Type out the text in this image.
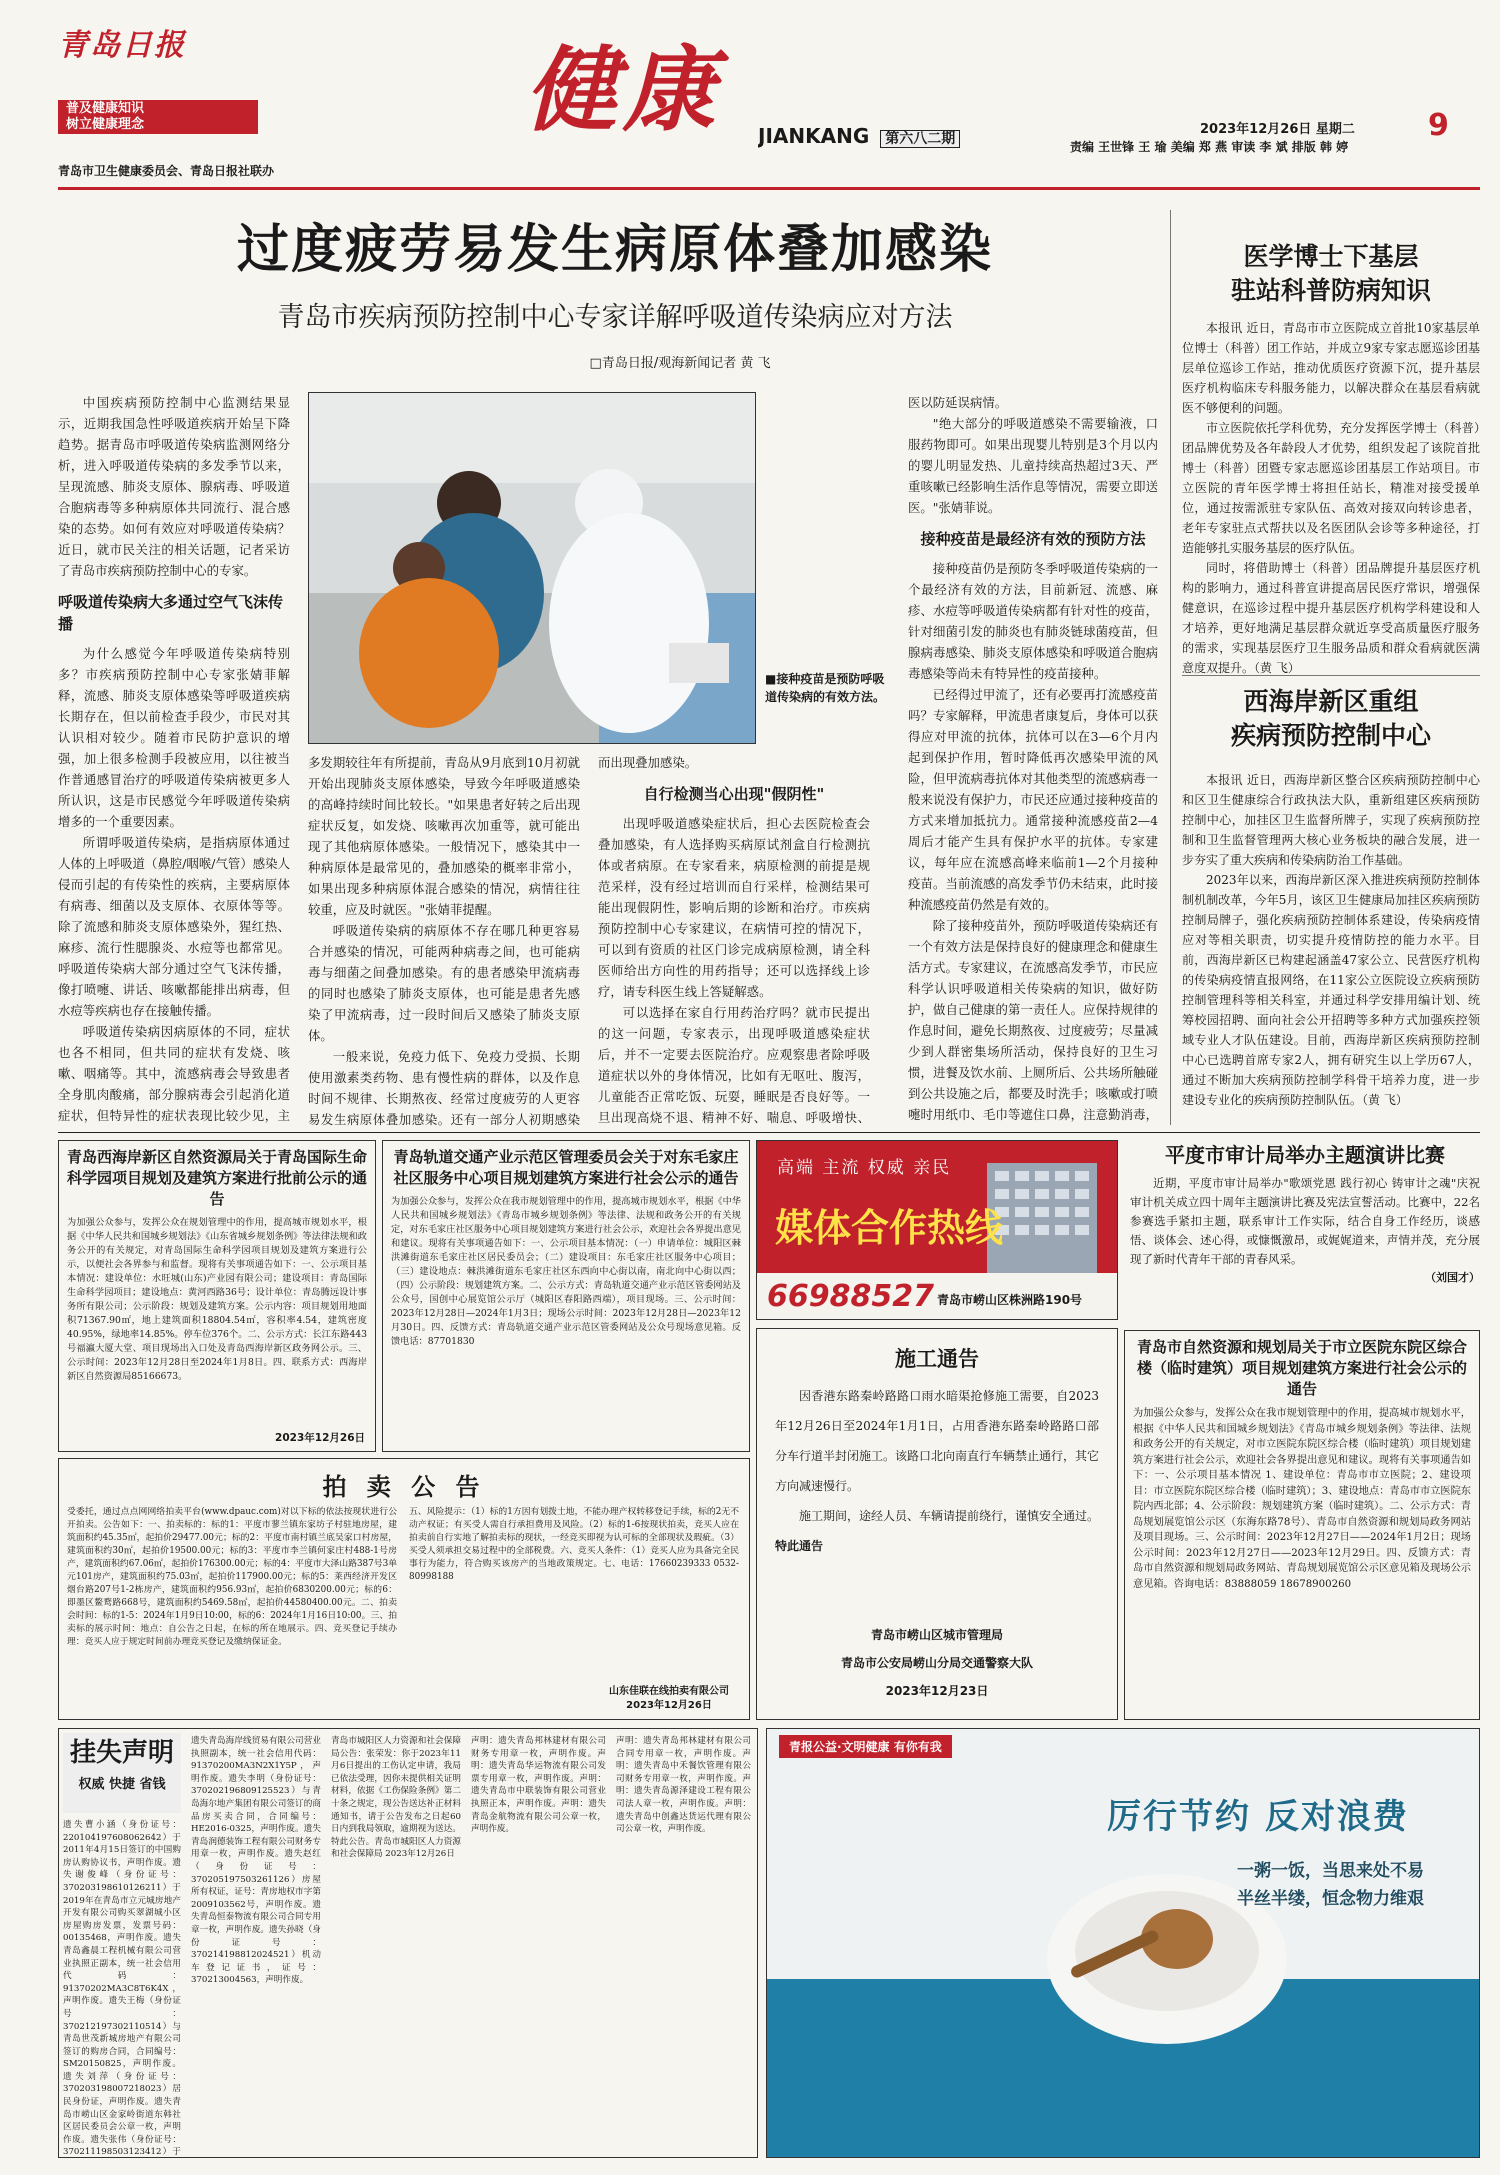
青岛日报
普及健康知识
树立健康理念
青岛市卫生健康委员会、青岛日报社联办
健康	JIANKANG 第六八二期
2023年12月26日 星期二	9
责编 王世锋 王 瑜 美编 郑 燕 审读 李 斌 排版 韩 婷
过度疲劳易发生病原体叠加感染
青岛市疾病预防控制中心专家详解呼吸道传染病应对方法
□青岛日报/观海新闻记者 黄 飞

中国疾病预防控制中心监测结果显示，近期我国急性呼吸道疾病开始呈下降趋势。据青岛市呼吸道传染病监测网络分析，进入呼吸道传染病的多发季节以来，呈现流感、肺炎支原体、腺病毒、呼吸道合胞病毒等多种病原体共同流行、混合感染的态势。如何有效应对呼吸道传染病？近日，就市民关注的相关话题，记者采访了青岛市疾病预防控制中心的专家。

呼吸道传染病大多通过空气飞沫传播

为什么感觉今年呼吸道传染病特别多？市疾病预防控制中心专家张婧菲解释，流感、肺炎支原体感染等呼吸道疾病长期存在，但以前检查手段少，市民对其认识相对较少。随着市民防护意识的增强，加上很多检测手段被应用，以往被当作普通感冒治疗的呼吸道传染病被更多人所认识，这是市民感觉今年呼吸道传染病增多的一个重要因素。

所谓呼吸道传染病，是指病原体通过人体的上呼吸道（鼻腔/咽喉/气管）感染人侵而引起的有传染性的疾病，主要病原体有病毒、细菌以及支原体、衣原体等等。除了流感和肺炎支原体感染外，猩红热、麻疹、流行性腮腺炎、水痘等也都常见。呼吸道传染病大部分通过空气飞沫传播，像打喷嚏、讲话、咳嗽都能排出病毒，但水痘等疾病也存在接触传播。

呼吸道传染病因病原体的不同，症状也各不相同，但共同的症状有发烧、咳嗽、咽痛等。其中，流感病毒会导致患者全身肌肉酸痛，部分腺病毒会引起消化道症状，但特异性的症状表现比较少见，主

■接种疫苗是预防呼吸道传染病的有效方法。

多发期较往年有所提前，青岛从9月底到10月初就开始出现肺炎支原体感染，导致今年呼吸道感染的高峰持续时间比较长。"如果患者好转之后出现症状反复，如发烧、咳嗽再次加重等，就可能出现了其他病原体感染。一般情况下，感染其中一种病原体是最常见的，叠加感染的概率非常小，如果出现多种病原体混合感染的情况，病情往往较重，应及时就医。"张婧菲提醒。

呼吸道传染病的病原体不存在哪几种更容易合并感染的情况，可能两种病毒之间，也可能病毒与细菌之间叠加感染。有的患者感染甲流病毒的同时也感染了肺炎支原体，也可能是患者先感染了甲流病毒，过一段时间后又感染了肺炎支原体。

一般来说，免疫力低下、免疫力受损、长期使用激素类药物、患有慢性病的群体，以及作息时间不规律、长期熬夜、经常过度疲劳的人更容易发生病原体叠加感染。还有一部分人初期感染

而出现叠加感染。

自行检测当心出现"假阴性"

出现呼吸道感染症状后，担心去医院检查会叠加感染，有人选择购买病原试剂盒自行检测抗体或者病原。在专家看来，病原检测的前提是规范采样，没有经过培训而自行采样，检测结果可能出现假阴性，影响后期的诊断和治疗。市疾病预防控制中心专家建议，在病情可控的情况下，可以到有资质的社区门诊完成病原检测，请全科医师给出方向性的用药指导；还可以选择线上诊疗，请专科医生线上答疑解惑。

可以选择在家自行用药治疗吗？就市民提出的这一问题，专家表示，出现呼吸道感染症状后，并不一定要去医院治疗。应观察患者除呼吸道症状以外的身体情况，比如有无呕吐、腹泻，儿童能否正常吃饭、玩耍，睡眠是否良好等。一旦出现高烧不退、精神不好、喘息、呼吸增快、

医以防延误病情。

"绝大部分的呼吸道感染不需要输液，口服药物即可。如果出现婴儿特别是3个月以内的婴儿明显发热、儿童持续高热超过3天、严重咳嗽已经影响生活作息等情况，需要立即送医。"张婧菲说。

接种疫苗是最经济有效的预防方法

接种疫苗仍是预防冬季呼吸道传染病的一个最经济有效的方法，目前新冠、流感、麻疹、水痘等呼吸道传染病都有针对性的疫苗，针对细菌引发的肺炎也有肺炎链球菌疫苗，但腺病毒感染、肺炎支原体感染和呼吸道合胞病毒感染等尚未有特异性的疫苗接种。

已经得过甲流了，还有必要再打流感疫苗吗？专家解释，甲流患者康复后，身体可以获得应对甲流的抗体，抗体可以在3—6个月内起到保护作用，暂时降低再次感染甲流的风险，但甲流病毒抗体对其他类型的流感病毒一般来说没有保护力，市民还应通过接种疫苗的方式来增加抵抗力。通常接种流感疫苗2—4周后才能产生具有保护水平的抗体。专家建议，每年应在流感高峰来临前1—2个月接种疫苗。当前流感的高发季节仍未结束，此时接种流感疫苗仍然是有效的。

除了接种疫苗外，预防呼吸道传染病还有一个有效方法是保持良好的健康理念和健康生活方式。专家建议，在流感高发季节，市民应科学认识呼吸道相关传染病的知识，做好防护，做自己健康的第一责任人。应保持规律的作息时间，避免长期熬夜、过度疲劳；尽量减少到人群密集场所活动，保持良好的卫生习惯，进餐及饮水前、上厕所后、公共场所触碰到公共设施之后，都要及时洗手；咳嗽或打喷嚏时用纸巾、毛巾等遮住口鼻，注意勤消毒，

医学博士下基层
驻站科普防病知识

本报讯 近日，青岛市市立医院成立首批10家基层单位博士（科普）团工作站，并成立9家专家志愿巡诊团基层单位巡诊工作站，推动优质医疗资源下沉，提升基层医疗机构临床专科服务能力，以解决群众在基层看病就医不够便利的问题。

市立医院依托学科优势，充分发挥医学博士（科普）团品牌优势及各年龄段人才优势，组织发起了该院首批博士（科普）团暨专家志愿巡诊团基层工作站项目。市立医院的青年医学博士将担任站长，精准对接受援单位，通过按需派驻专家队伍、高效对接双向转诊患者，老年专家驻点式帮扶以及名医团队会诊等多种途径，打造能够扎实服务基层的医疗队伍。

同时，将借助博士（科普）团品牌提升基层医疗机构的影响力，通过科普宣讲提高居民医疗常识，增强保健意识，在巡诊过程中提升基层医疗机构学科建设和人才培养，更好地满足基层群众就近享受高质量医疗服务的需求，实现基层医疗卫生服务品质和群众看病就医满意度双提升。（黄 飞）

西海岸新区重组
疾病预防控制中心

本报讯 近日，西海岸新区整合区疾病预防控制中心和区卫生健康综合行政执法大队，重新组建区疾病预防控制中心，加挂区卫生监督所牌子，实现了疾病预防控制和卫生监督管理两大核心业务板块的融合发展，进一步夯实了重大疾病和传染病防治工作基础。

2023年以来，西海岸新区深入推进疾病预防控制体制机制改革，今年5月，该区卫生健康局加挂区疾病预防控制局牌子，强化疾病预防控制体系建设，传染病疫情应对等相关职责，切实提升疫情防控的能力水平。目前，西海岸新区已构建起涵盖47家公立、民营医疗机构的传染病疫情直报网络，在11家公立医院设立疾病预防控制管理科等相关科室，并通过科学安排用编计划、统筹校园招聘、面向社会公开招聘等多种方式加强疾控领域专业人才队伍建设。目前，西海岸新区疾病预防控制中心已选聘首席专家2人，拥有研究生以上学历67人，通过不断加大疾病预防控制学科骨干培养力度，进一步建设专业化的疾病预防控制队伍。（黄 飞）

青岛西海岸新区自然资源局关于青岛国际生命科学园项目规划及建筑方案进行批前公示的通告

为加强公众参与，发挥公众在规划管理中的作用，提高城市规划水平，根据《中华人民共和国城乡规划法》《山东省城乡规划条例》等法律法规和政务公开的有关规定，对青岛国际生命科学园项目规划及建筑方案进行公示，以便社会各界参与和监督。现将有关事项通告如下：一、公示项目基本情况：建设单位：水旺城(山东)产业园有限公司；建设项目：青岛国际生命科学园项目；建设地点：黄河西路36号；设计单位：青岛腾远设计事务所有限公司；公示阶段：规划及建筑方案。公示内容：项目规划用地面积71367.90㎡，地上建筑面积18804.54㎡，容积率4.54，建筑密度40.95%，绿地率14.85%。停车位376个。二、公示方式：长江东路443号福瀛大厦大堂、项目现场出入口处及青岛西海岸新区政务网公示。三、公示时间：2023年12月28日至2024年1月8日。四、联系方式：西海岸新区自然资源局85166673。

2023年12月26日
青岛轨道交通产业示范区管理委员会关于对东毛家庄社区服务中心项目规划建筑方案进行社会公示的通告

为加强公众参与，发挥公众在我市规划管理中的作用，提高城市规划水平，根据《中华人民共和国城乡规划法》《青岛市城乡规划条例》等法律、法规和政务公开的有关规定，对东毛家庄社区服务中心项目规划建筑方案进行社会公示，欢迎社会各界提出意见和建议。现将有关事项通告如下：一、公示项目基本情况：（一）申请单位：城阳区棘洪滩街道东毛家庄社区居民委员会；（二）建设项目：东毛家庄社区服务中心项目；（三）建设地点：棘洪滩街道东毛家庄社区东西向中心街以南，南北向中心街以西；（四）公示阶段：规划建筑方案。二、公示方式：青岛轨道交通产业示范区管委网站及公众号，国创中心展览馆公示厅（城阳区春阳路西端），项目现场。三、公示时间：2023年12月28日—2024年1月3日；现场公示时间：2023年12月28日—2023年12月30日。四、反馈方式：青岛轨道交通产业示范区管委网站及公众号现场意见箱。反馈电话：87701830

高端 主流 权威 亲民
媒体合作热线
66988527 青岛市崂山区株洲路190号
施工通告

因香港东路秦岭路路口雨水暗渠抢修施工需要，自2023年12月26日至2024年1月1日，占用香港东路秦岭路路口部分车行道半封闭施工。该路口北向南直行车辆禁止通行，其它方向减速慢行。

施工期间，途经人员、车辆请提前绕行，谨慎安全通过。

特此通告

青岛市崂山区城市管理局
青岛市公安局崂山分局交通警察大队
2023年12月23日
平度市审计局举办主题演讲比赛

近期，平度市审计局举办"歌颂党恩 践行初心 铸审计之魂"庆祝审计机关成立四十周年主题演讲比赛及宪法宣誓活动。比赛中，22名参赛选手紧扣主题，联系审计工作实际，结合自身工作经历，谈感悟、谈体会、述心得，或慷慨激昂，或娓娓道来，声情并茂，充分展现了新时代青年干部的青春风采。

（刘国才）
青岛市自然资源和规划局关于市立医院东院区综合楼（临时建筑）项目规划建筑方案进行社会公示的通告

为加强公众参与，发挥公众在我市规划管理中的作用，提高城市规划水平，根据《中华人民共和国城乡规划法》《青岛市城乡规划条例》等法律、法规和政务公开的有关规定，对市立医院东院区综合楼（临时建筑）项目规划建筑方案进行社会公示，欢迎社会各界提出意见和建议。现将有关事项通告如下：一、公示项目基本情况 1、建设单位：青岛市市立医院；2、建设项目：市立医院东院区综合楼（临时建筑）；3、建设地点：青岛市市立医院东院内西北部；4、公示阶段：规划建筑方案（临时建筑）。二、公示方式：青岛规划展览馆公示区（东海东路78号）、青岛市自然资源和规划局政务网站及项目现场。三、公示时间：2023年12月27日——2024年1月2日；现场公示时间：2023年12月27日——2023年12月29日。四、反馈方式：青岛市自然资源和规划局政务网站、青岛规划展览馆公示区意见箱及现场公示意见箱。咨询电话：83888059 18678900260

拍 卖 公 告

受委托，通过点点网网络拍卖平台(www.dpauc.com)对以下标的依法按现状进行公开拍卖。公告如下：一、拍卖标的：标的1：平度市蓼兰镇东家坊子村驻地房屋，建筑面积约45.35㎡，起拍价29477.00元；标的2：平度市南村镇兰底吴家口村房屋，建筑面积约30㎡，起拍价19500.00元；标的3：平度市李兰镇何家庄村488-1号房产，建筑面积约67.06㎡，起拍价176300.00元；标的4：平度市大泽山路387号3单元101房产，建筑面积约75.03㎡，起拍价117900.00元；标的5：莱西经济开发区烟台路207号1-2栋房产，建筑面积约956.93㎡，起拍价6830200.00元；标的6：即墨区鳌鹜路668号，建筑面积约5469.58㎡，起拍价44580400.00元。二、拍卖会时间：标的1-5：2024年1月9日10:00，标的6：2024年1月16日10:00。三、拍卖标的展示时间：地点：自公告之日起，在标的所在地展示。四、竞买登记手续办理：竞买人应于规定时间前办理竞买登记及缴纳保证金。

五、风险提示：（1）标的1方因有划拨土地，不能办理产权转移登记手续，标的2无不动产权证；有买受人需自行承担费用及风险。（2）标的1-6按现状拍卖，竞买人应在拍卖前自行实地了解拍卖标的现状，一经竞买即视为认可标的全部现状及瑕疵。（3）买受人须承担交易过程中的全部税费。六、竞买人条件：（1）竞买人应为具备完全民事行为能力，符合购买该房产的当地政策规定。七、电话：17660239333 0532-80998188

山东佳联在线拍卖有限公司
2023年12月26日
挂失声明
权威 快捷 省钱

遗失曹小涵（身份证号：220104197608062642）于2011年4月15日签订的中国购房认购协议书，声明作废。遗失谢俊峰（身份证号：370203198610126211）于2019年在青岛市立元城房地产开发有限公司购买翠湖城小区房屋购房发票，发票号码：00135468，声明作废。遗失青岛鑫晨工程机械有限公司营业执照正副本，统一社会信用代码：91370202MA3C8T6K4X，声明作废。遗失王梅（身份证号：370212197302110514）与青岛世茂新城房地产有限公司签订的购房合同，合同编号：SM20150825，声明作废。遗失刘萍（身份证号：370203198007218023）居民身份证，声明作废。遗失青岛市崂山区金家岭街道东韩社区居民委员会公章一枚，声明作废。遗失张伟（身份证号：370211198503123412）于

遗失青岛海岸线贸易有限公司营业执照副本，统一社会信用代码：91370200MA3N2X1Y5P，声明作废。遗失李明（身份证号：370202196809125523）与青岛海尔地产集团有限公司签订的商品房买卖合同，合同编号：HE2016-0325，声明作废。遗失青岛润德装饰工程有限公司财务专用章一枚，声明作废。遗失赵红（身份证号：370205197503261126）房屋所有权证，证号：青房地权市字第2009103562号，声明作废。遗失青岛恒泰物流有限公司合同专用章一枚，声明作废。遗失孙晓（身份证号：370214198812024521）机动车登记证书，证号：370213004563，声明作废。

青岛市城阳区人力资源和社会保障局公告：张荣发：你于2023年11月6日提出的工伤认定申请，我局已依法受理，因你未提供相关证明材料，依据《工伤保险条例》第二十条之规定，现公告送达补正材料通知书，请于公告发布之日起60日内到我局领取，逾期视为送达。特此公告。青岛市城阳区人力资源和社会保障局 2023年12月26日

声明：遗失青岛邦林建材有限公司财务专用章一枚，声明作废。声明：遗失青岛华运物流有限公司发票专用章一枚，声明作废。声明：遗失青岛市中联装饰有限公司营业执照正本，声明作废。声明：遗失青岛金航物流有限公司公章一枚，声明作废。

声明：遗失青岛邦林建材有限公司合同专用章一枚，声明作废。声明：遗失青岛中禾餐饮管理有限公司财务专用章一枚，声明作废。声明：遗失青岛源泽建设工程有限公司法人章一枚，声明作废。声明：遗失青岛中创鑫达货运代理有限公司公章一枚，声明作废。

青报公益·文明健康 有你有我
厉行节约 反对浪费
一粥一饭，当思来处不易
半丝半缕，恒念物力维艰
